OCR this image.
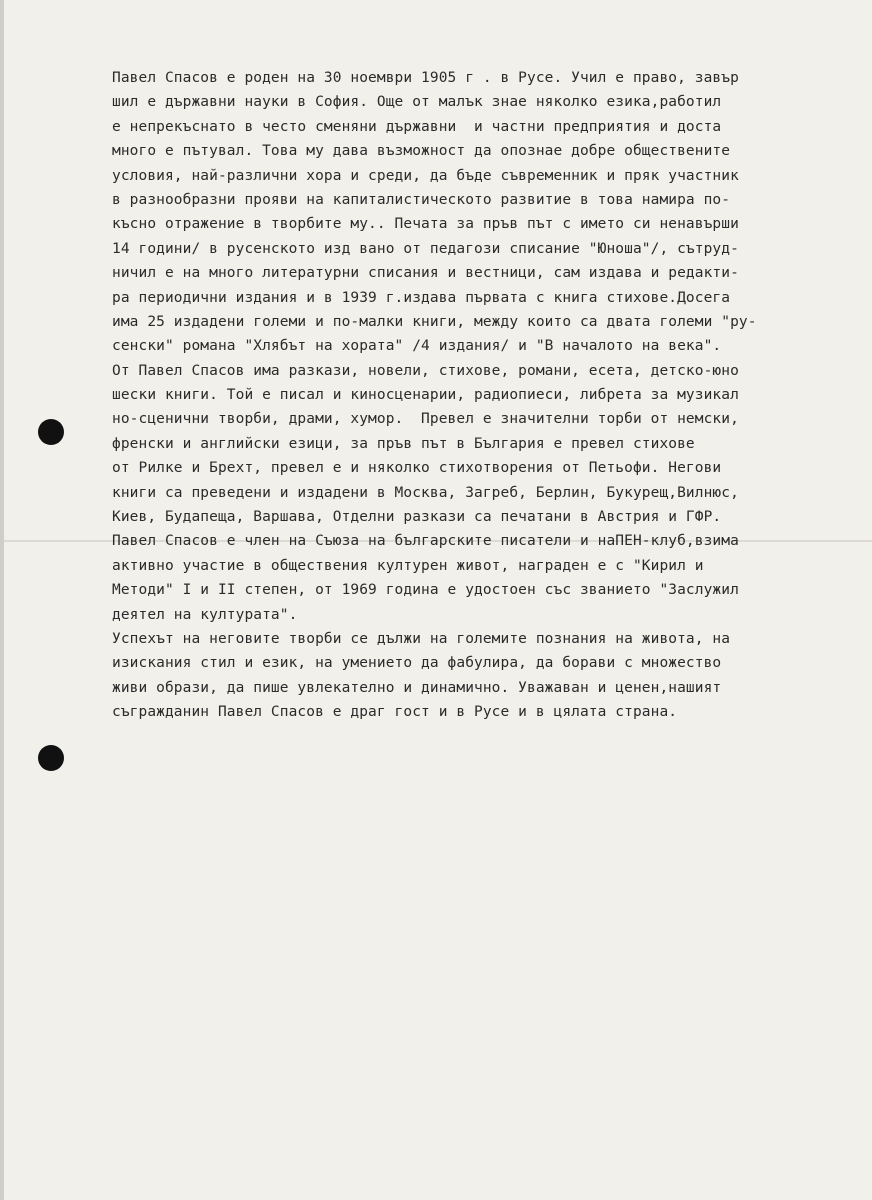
Павел Спасов е роден на 30 ноември 1905 г . в Русе. Учил е право, завър
шил е държавни науки в София. Още от малък знае няколко езика,работил
е непрекъснато в често сменяни държавни  и частни предприятия и доста
много е пътувал. Това му дава възможност да опознае добре обществените
условия, най-различни хора и среди, да бъде съвременник и пряк участник
в разнообразни прояви на капиталистическото развитие в това намира по-
късно отражение в творбите му.. Печата за пръв път с името си ненавърши
14 години/ в русенското изд вано от педагози списание "Юноша"/, сътруд-
ничил е на много литературни списания и вестници, сам издава и редакти-
ра периодични издания и в 1939 г.издава първата с книга стихове.Досега
има 25 издадени големи и по-малки книги, между които са двата големи "ру-
сенски" романа "Хлябът на хората" /4 издания/ и "В началото на века".
От Павел Спасов има разкази, новели, стихове, романи, есета, детско-юно
шески книги. Той е писал и киносценарии, радиопиеси, либрета за музикал
но-сценични творби, драми, хумор.  Превел е значителни торби от немски,
френски и английски езици, за пръв път в България е превел стихове
от Рилке и Брехт, превел е и няколко стихотворения от Петьофи. Негови
книги са преведени и издадени в Москва, Загреб, Берлин, Букурещ,Вилнюс,
Киев, Будапеща, Варшава, Отделни разкази са печатани в Австрия и ГФР.
Павел Спасов е член на Съюза на българските писатели и наПЕН-клуб,взима
активно участие в обществения културен живот, награден е с "Кирил и
Методи" I и II степен, от 1969 година е удостоен със званието "Заслужил
деятел на културата".
Успехът на неговите творби се дължи на големите познания на живота, на
изискания стил и език, на умението да фабулира, да борави с множество
живи образи, да пише увлекателно и динамично. Уважаван и ценен,нашият
съгражданин Павел Спасов е драг гост и в Русе и в цялата страна.
